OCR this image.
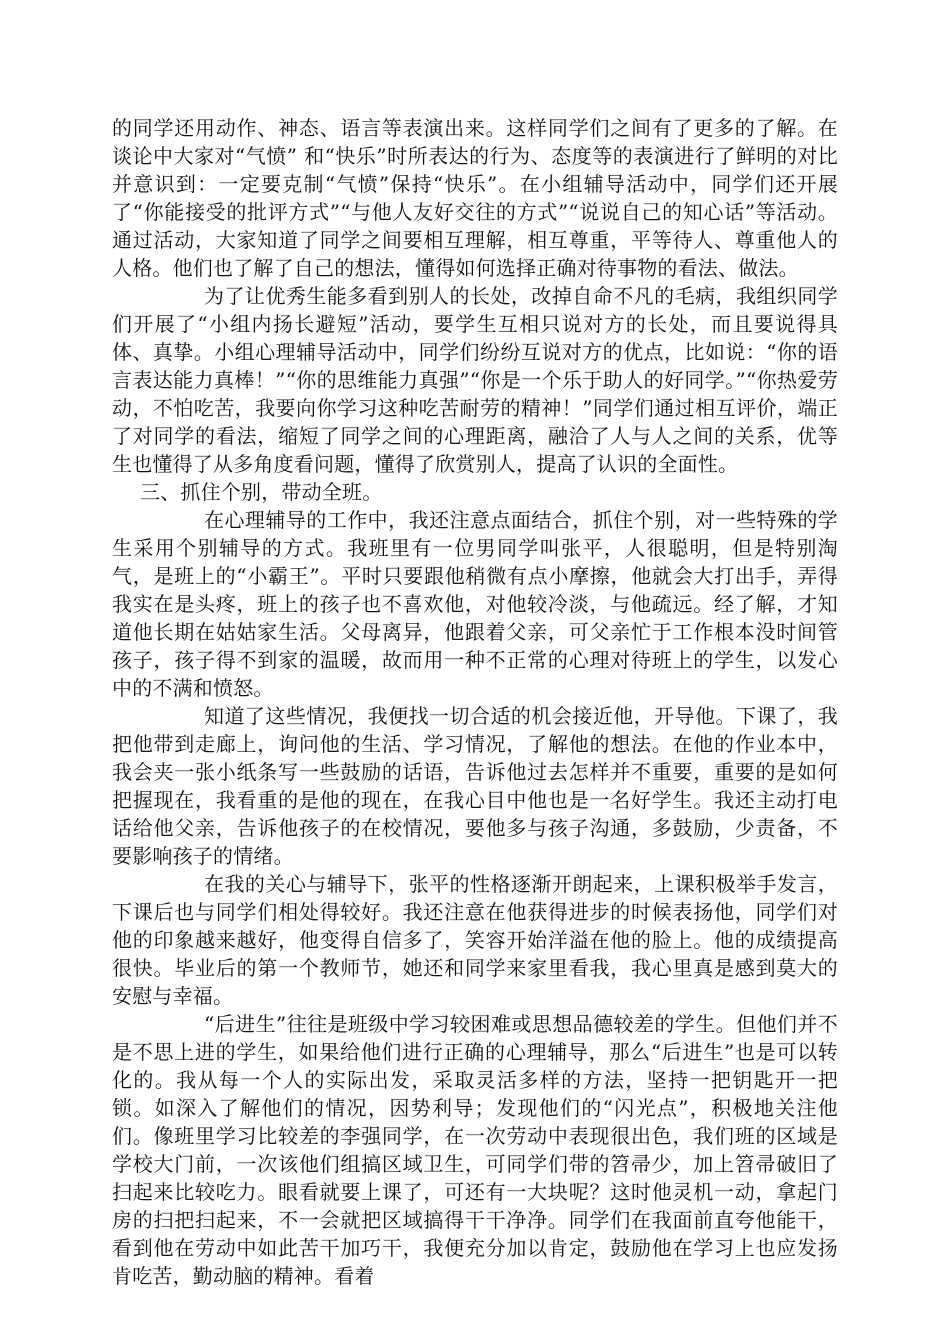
的同学还用动作、神态、语言等表演出来。这样同学们之间有了更多的了解。在谈论中大家对“气愤” 和“快乐”时所表达的行为、态度等的表演进行了鲜明的对比并意识到：一定要克制“气愤”保持“快乐”。在小组辅导活动中，同学们还开展了“你能接受的批评方式”“与他人友好交往的方式”“说说自己的知心话”等活动。通过活动，大家知道了同学之间要相互理解，相互尊重，平等待人、尊重他人的人格。他们也了解了自己的想法，懂得如何选择正确对待事物的看法、做法。

为了让优秀生能多看到别人的长处，改掉自命不凡的毛病，我组织同学们开展了“小组内扬长避短”活动，要学生互相只说对方的长处，而且要说得具体、真挚。小组心理辅导活动中，同学们纷纷互说对方的优点，比如说：“你的语言表达能力真棒！”“你的思维能力真强”“你是一个乐于助人的好同学。”“你热爱劳动，不怕吃苦，我要向你学习这种吃苦耐劳的精神！”同学们通过相互评价，端正了对同学的看法，缩短了同学之间的心理距离，融洽了人与人之间的关系，优等生也懂得了从多角度看问题，懂得了欣赏别人，提高了认识的全面性。

三、抓住个别，带动全班。

在心理辅导的工作中，我还注意点面结合，抓住个别，对一些特殊的学生采用个别辅导的方式。我班里有一位男同学叫张平，人很聪明，但是特别淘气，是班上的“小霸王”。平时只要跟他稍微有点小摩擦，他就会大打出手，弄得我实在是头疼，班上的孩子也不喜欢他，对他较冷淡，与他疏远。经了解，才知道他长期在姑姑家生活。父母离异，他跟着父亲，可父亲忙于工作根本没时间管孩子，孩子得不到家的温暖，故而用一种不正常的心理对待班上的学生，以发心中的不满和愤怒。

知道了这些情况，我便找一切合适的机会接近他，开导他。下课了，我把他带到走廊上，询问他的生活、学习情况，了解他的想法。在他的作业本中，我会夹一张小纸条写一些鼓励的话语，告诉他过去怎样并不重要，重要的是如何把握现在，我看重的是他的现在，在我心目中他也是一名好学生。我还主动打电话给他父亲，告诉他孩子的在校情况，要他多与孩子沟通，多鼓励，少责备，不要影响孩子的情绪。

在我的关心与辅导下，张平的性格逐渐开朗起来，上课积极举手发言，下课后也与同学们相处得较好。我还注意在他获得进步的时候表扬他，同学们对他的印象越来越好，他变得自信多了，笑容开始洋溢在他的脸上。他的成绩提高很快。毕业后的第一个教师节，她还和同学来家里看我，我心里真是感到莫大的安慰与幸福。

“后进生”往往是班级中学习较困难或思想品德较差的学生。但他们并不是不思上进的学生，如果给他们进行正确的心理辅导，那么“后进生”也是可以转化的。我从每一个人的实际出发，采取灵活多样的方法，坚持一把钥匙开一把锁。如深入了解他们的情况，因势利导；发现他们的“闪光点”，积极地关注他们。像班里学习比较差的李强同学，在一次劳动中表现很出色，我们班的区域是学校大门前，一次该他们组搞区域卫生，可同学们带的笤帚少，加上笤帚破旧了扫起来比较吃力。眼看就要上课了，可还有一大块呢？这时他灵机一动，拿起门房的扫把扫起来，不一会就把区域搞得干干净净。同学们在我面前直夸他能干，看到他在劳动中如此苦干加巧干，我便充分加以肯定，鼓励他在学习上也应发扬肯吃苦，勤动脑的精神。看着
